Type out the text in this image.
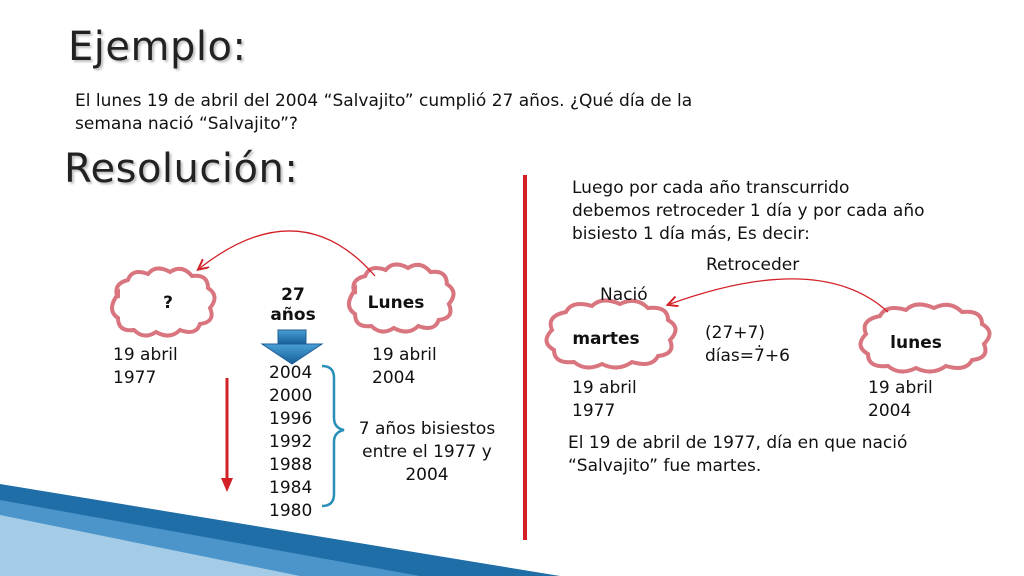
Ejemplo:
El lunes 19 de abril del 2004 “Salvajito” cumplió 27 años. ¿Qué día de la
semana nació “Salvajito”?
Resolución:
?	Lunes
27
años
19 abril
1977
19 abril
2004
2004
2000
1996
1992
1988
1984
1980
7 años bisiestos
entre el 1977 y
2004
Luego por cada año transcurrido
debemos retroceder 1 día y por cada año
bisiesto 1 día más, Es decir:
Retroceder
Nació
martes	lunes
(27+7)
días=7̇+6
19 abril
1977
19 abril
2004
El 19 de abril de 1977, día en que nació
“Salvajito” fue martes.
